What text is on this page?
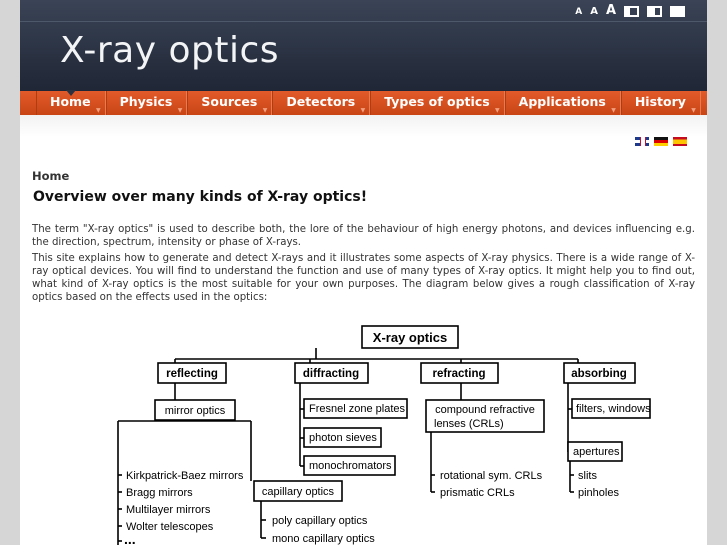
X-ray optics
A A A
Home
▼
Physics
▼
Sources
▼
Detectors
▼
Types of optics
▼
Applications
▼
History
▼
Home
Overview over many kinds of X-ray optics!
The term "X-ray optics" is used to describe both, the lore of the behaviour of high energy photons, and devices influencing e.g. the direction, spectrum, intensity or phase of X-rays.
This site explains how to generate and detect X-rays and it illustrates some aspects of X-ray physics. There is a wide range of X-ray optical devices. You will find to understand the function and use of many types of X-ray optics. It might help you to find out, what kind of X-ray optics is the most suitable for your own purposes. The diagram below gives a rough classification of X-ray optics based on the effects used in the optics:
X-ray optics
reflecting	diffracting	refracting	absorbing
mirror optics
Kirkpatrick-Baez mirrors
Bragg mirrors
Multilayer mirrors
Wolter telescopes
...
capillary optics
poly capillary optics
mono capillary optics
Fresnel zone plates
photon sieves
monochromators
compound refractive
lenses (CRLs)
rotational sym. CRLs
prismatic CRLs
filters, windows
apertures
slits
pinholes
